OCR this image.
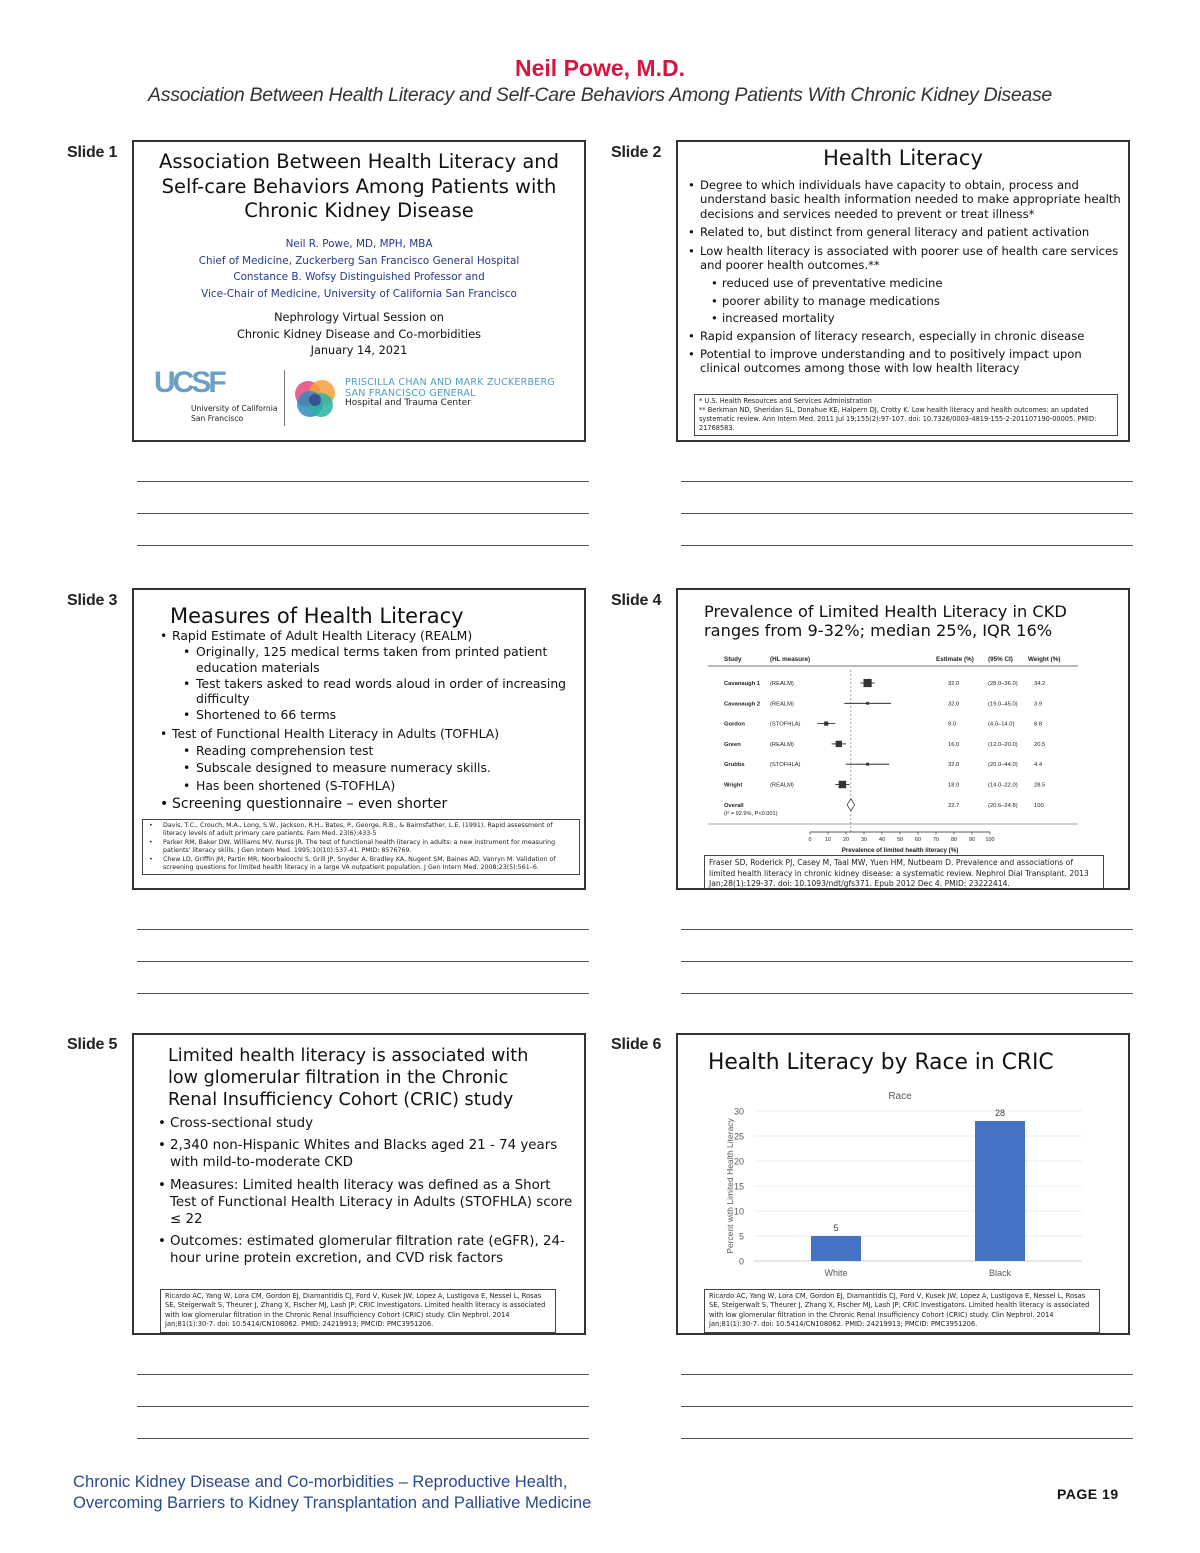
Neil Powe, M.D.
Association Between Health Literacy and Self-Care Behaviors Among Patients With Chronic Kidney Disease
Slide 1	Association Between Health Literacy and
Self-care Behaviors Among Patients with
Chronic Kidney Disease
Neil R. Powe, MD, MPH, MBA
Chief of Medicine, Zuckerberg San Francisco General Hospital
Constance B. Wofsy Distinguished Professor and
Vice-Chair of Medicine, University of California San Francisco
Nephrology Virtual Session on
Chronic Kidney Disease and Co-morbidities
January 14, 2021
UCSF
University of California
San Francisco
PRISCILLA CHAN AND MARK ZUCKERBERG
SAN FRANCISCO GENERAL
Hospital and Trauma Center
Slide 2	Health Literacy
• Degree to which individuals have capacity to obtain, process and understand basic health information needed to make appropriate health decisions and services needed to prevent or treat illness*
• Related to, but distinct from general literacy and patient activation
• Low health literacy is associated with poorer use of health care services and poorer health outcomes.**
• reduced use of preventative medicine
• poorer ability to manage medications
• increased mortality
• Rapid expansion of literacy research, especially in chronic disease
• Potential to improve understanding and to positively impact upon clinical outcomes among those with low health literacy
* U.S. Health Resources and Services Administration
** Berkman ND, Sheridan SL, Donahue KE, Halpern DJ, Crotty K. Low health literacy and health outcomes: an updated systematic review. Ann Intern Med. 2011 Jul 19;155(2):97-107. doi: 10.7326/0003-4819-155-2-201107190-00005. PMID: 21768583.
Slide 3
Measures of Health Literacy
• Rapid Estimate of Adult Health Literacy (REALM)
• Originally, 125 medical terms taken from printed patient education materials
• Test takers asked to read words aloud in order of increasing difficulty
• Shortened to 66 terms
• Test of Functional Health Literacy in Adults (TOFHLA)
• Reading comprehension test
• Subscale designed to measure numeracy skills.
• Has been shortened (S-TOFHLA)
• Screening questionnaire – even shorter
• Davis, T.C., Crouch, M.A., Long, S.W., Jackson, R.H., Bates, P., George, R.B., & Bairnsfather, L.E. (1991). Rapid assessment of literacy levels of adult primary care patients. Fam Med, 23(6):433-5
• Parker RM, Baker DW, Williams MV, Nurss JR. The test of functional health literacy in adults: a new instrument for measuring patients' literacy skills. J Gen Intern Med. 1995;10(10):537-41. PMID: 8576769.
• Chew LD, Griffin JM, Partin MR, Noorbaloochi S, Grill JP, Snyder A, Bradley KA, Nugent SM, Baines AD, Vanryn M. Validation of screening questions for limited health literacy in a large VA outpatient population. J Gen Intern Med. 2008;23(5):561–6.
Slide 4
Prevalence of Limited Health Literacy in CKD
ranges from 9-32%; median 25%, IQR 16%
Study	(HL measure)	Estimate (%) (95% CI) Weight (%)
Cavanaugh 1 (REALM)	32.0	(28.0–36.0)	34.2
Cavanaugh 2 (REALM)	32.0	(19.0–45.0)	3.9
Gordon	(STOFHLA)	9.0	(4.0–14.0)	8.8
Green	(REALM)	16.0	(12.0–20.0)	20.5
Grubbs	(STOFHLA)	32.0	(20.0–44.0)	4.4
Wright	(REALM)	18.0	(14.0–22.0)	28.5
Overall
(I² = 92.9%, P<0.001)
22.7	(20.6–24.8)	100
0	10 20 30 40 50 60 70 80 90 100
Prevalence of limited health literacy (%)
Fraser SD, Roderick PJ, Casey M, Taal MW, Yuen HM, Nutbeam D. Prevalence and associations of limited health literacy in chronic kidney disease: a systematic review. Nephrol Dial Transplant. 2013 Jan;28(1):129-37. doi: 10.1093/ndt/gfs371. Epub 2012 Dec 4. PMID: 23222414.
Slide 5
Limited health literacy is associated with
low glomerular filtration in the Chronic
Renal Insufficiency Cohort (CRIC) study
• Cross-sectional study
• 2,340 non-Hispanic Whites and Blacks aged 21 - 74 years with mild-to-moderate CKD
• Measures: Limited health literacy was defined as a Short Test of Functional Health Literacy in Adults (STOFHLA) score ≤ 22
• Outcomes: estimated glomerular filtration rate (eGFR), 24-hour urine protein excretion, and CVD risk factors
Ricardo AC, Yang W, Lora CM, Gordon EJ, Diamantidis CJ, Ford V, Kusek JW, Lopez A, Lustigova E, Nessel L, Rosas SE, Steigerwalt S, Theurer J, Zhang X, Fischer MJ, Lash JP; CRIC Investigators. Limited health literacy is associated with low glomerular filtration in the Chronic Renal Insufficiency Cohort (CRIC) study. Clin Nephrol. 2014 Jan;81(1):30-7. doi: 10.5414/CN108062. PMID: 24219913; PMCID: PMC3951206.
Slide 6
Health Literacy by Race in CRIC
Race
0
5
10
15
20
25
30
Percent with Limited Health Literacy	5
White
28
Black
Ricardo AC, Yang W, Lora CM, Gordon EJ, Diamantidis CJ, Ford V, Kusek JW, Lopez A, Lustigova E, Nessel L, Rosas SE, Steigerwalt S, Theurer J, Zhang X, Fischer MJ, Lash JP; CRIC Investigators. Limited health literacy is associated with low glomerular filtration in the Chronic Renal Insufficiency Cohort (CRIC) study. Clin Nephrol. 2014 Jan;81(1):30-7. doi: 10.5414/CN108062. PMID: 24219913; PMCID: PMC3951206.
Chronic Kidney Disease and Co-morbidities – Reproductive Health,
Overcoming Barriers to Kidney Transplantation and Palliative Medicine	PAGE 19
